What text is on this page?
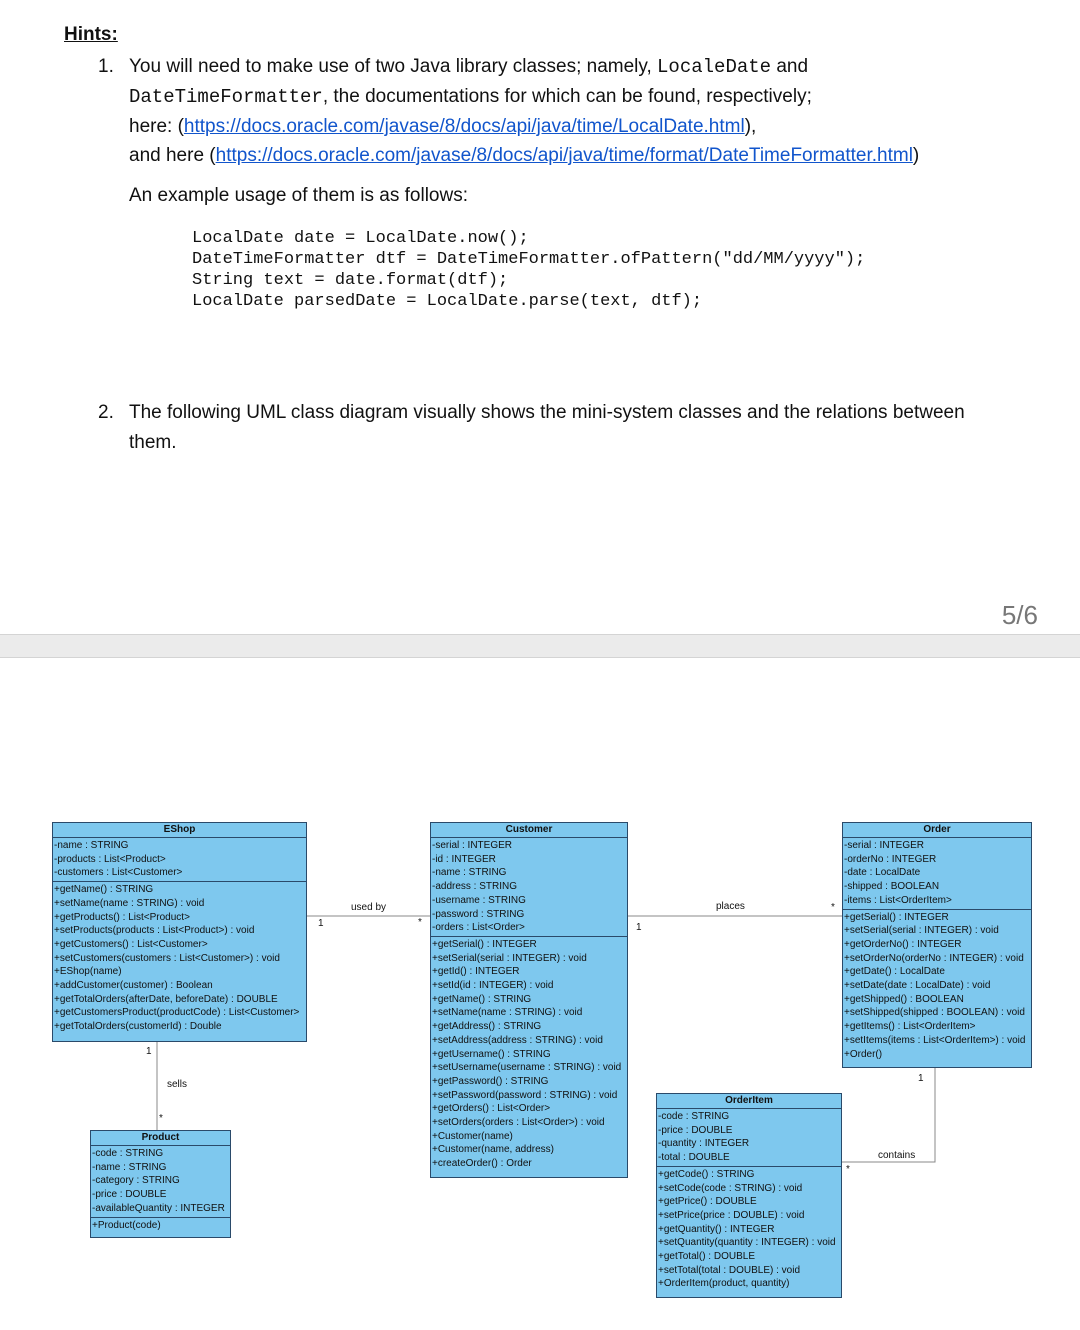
Hints:
1. You will need to make use of two Java library classes; namely, LocaleDate and
DateTimeFormatter, the documentations for which can be found, respectively;
here: (https://docs.oracle.com/javase/8/docs/api/java/time/LocalDate.html),
and here (https://docs.oracle.com/javase/8/docs/api/java/time/format/DateTimeFormatter.html)
An example usage of them is as follows:
LocalDate date = LocalDate.now();
DateTimeFormatter dtf = DateTimeFormatter.ofPattern("dd/MM/yyyy");
String text = date.format(dtf);
LocalDate parsedDate = LocalDate.parse(text, dtf);
2. The following UML class diagram visually shows the mini-system classes and the relations between
them.
5/6
used by
1	*
places
1
*
sells
1
*
contains
1
*
EShop
-name : STRING
-products : List<Product>
-customers : List<Customer>
+getName() : STRING
+setName(name : STRING) : void
+getProducts() : List<Product>
+setProducts(products : List<Product>) : void
+getCustomers() : List<Customer>
+setCustomers(customers : List<Customer>) : void
+EShop(name)
+addCustomer(customer) : Boolean
+getTotalOrders(afterDate, beforeDate) : DOUBLE
+getCustomersProduct(productCode) : List<Customer>
+getTotalOrders(customerId) : Double
Customer
-serial : INTEGER
-id : INTEGER
-name : STRING
-address : STRING
-username : STRING
-password : STRING
-orders : List<Order>
+getSerial() : INTEGER
+setSerial(serial : INTEGER) : void
+getId() : INTEGER
+setId(id : INTEGER) : void
+getName() : STRING
+setName(name : STRING) : void
+getAddress() : STRING
+setAddress(address : STRING) : void
+getUsername() : STRING
+setUsername(username : STRING) : void
+getPassword() : STRING
+setPassword(password : STRING) : void
+getOrders() : List<Order>
+setOrders(orders : List<Order>) : void
+Customer(name)
+Customer(name, address)
+createOrder() : Order
Order
-serial : INTEGER
-orderNo : INTEGER
-date : LocalDate
-shipped : BOOLEAN
-items : List<OrderItem>
+getSerial() : INTEGER
+setSerial(serial : INTEGER) : void
+getOrderNo() : INTEGER
+setOrderNo(orderNo : INTEGER) : void
+getDate() : LocalDate
+setDate(date : LocalDate) : void
+getShipped() : BOOLEAN
+setShipped(shipped : BOOLEAN) : void
+getItems() : List<OrderItem>
+setItems(items : List<OrderItem>) : void
+Order()
Product
-code : STRING
-name : STRING
-category : STRING
-price : DOUBLE
-availableQuantity : INTEGER
+Product(code)
OrderItem
-code : STRING
-price : DOUBLE
-quantity : INTEGER
-total : DOUBLE
+getCode() : STRING
+setCode(code : STRING) : void
+getPrice() : DOUBLE
+setPrice(price : DOUBLE) : void
+getQuantity() : INTEGER
+setQuantity(quantity : INTEGER) : void
+getTotal() : DOUBLE
+setTotal(total : DOUBLE) : void
+OrderItem(product, quantity)
